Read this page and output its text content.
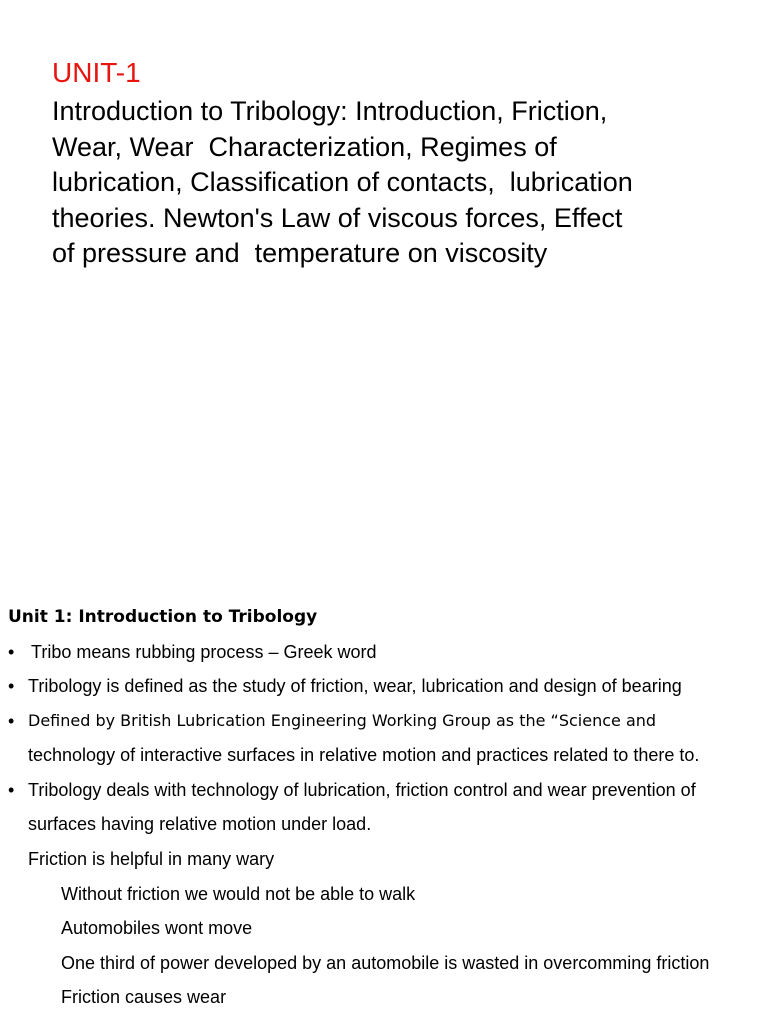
UNIT-1

Introduction to Tribology: Introduction, Friction,
Wear, Wear  Characterization, Regimes of
lubrication, Classification of contacts,  lubrication
theories. Newton's Law of viscous forces, Effect
of pressure and  temperature on viscosity

Unit 1: Introduction to Tribology
• Tribo means rubbing process – Greek word
• Tribology is defined as the study of friction, wear, lubrication and design of bearing
• Defined by British Lubrication Engineering Working Group as the “Science and
technology of interactive surfaces in relative motion and practices related to there to.
• Tribology deals with technology of lubrication, friction control and wear prevention of
surfaces having relative motion under load.
Friction is helpful in many wary
Without friction we would not be able to walk
Automobiles wont move
One third of power developed by an automobile is wasted in overcomming friction
Friction causes wear
